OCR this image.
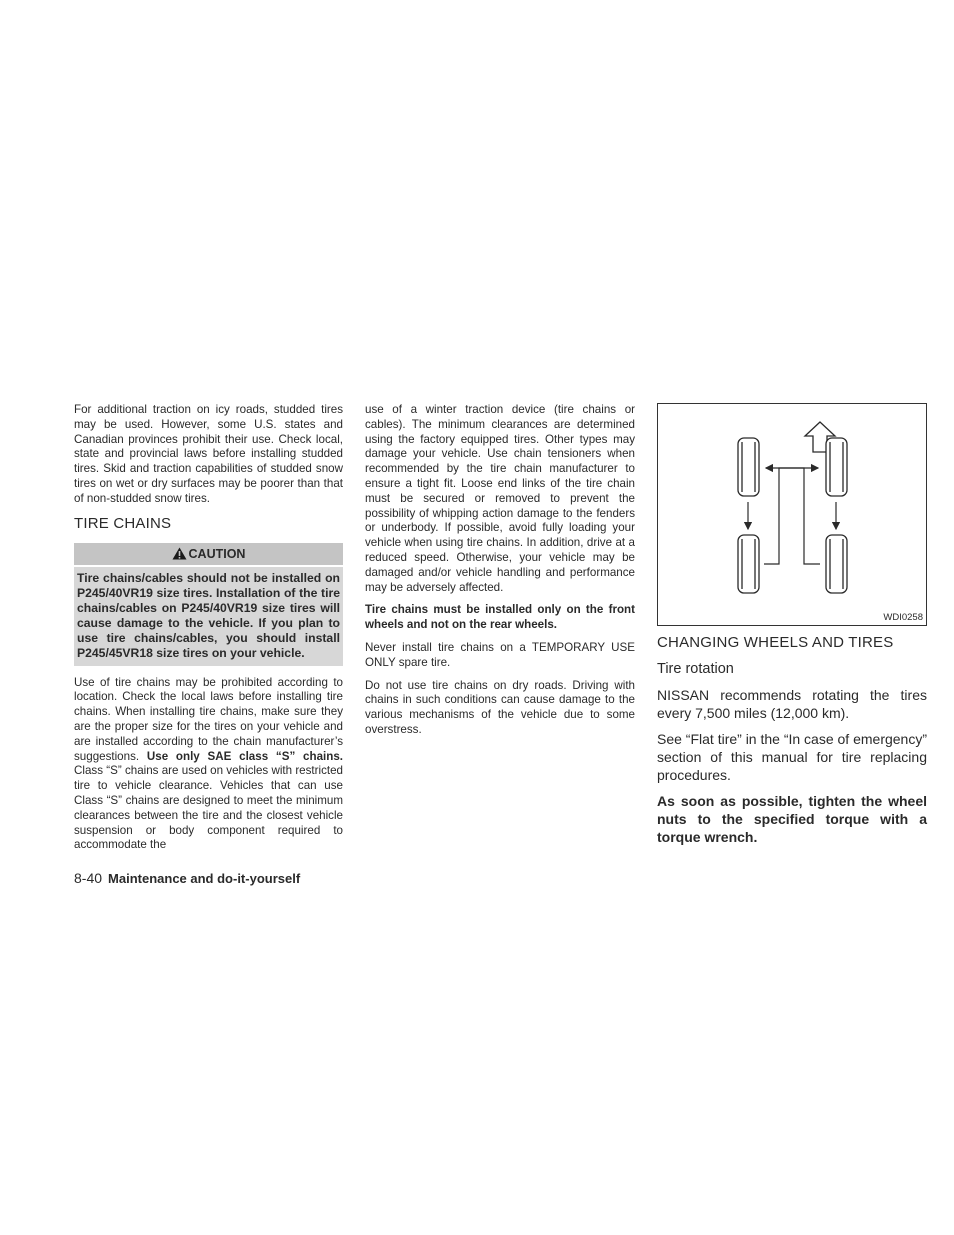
For additional traction on icy roads, studded tires may be used. However, some U.S. states and Canadian provinces prohibit their use. Check local, state and provincial laws before installing studded tires. Skid and traction capabilities of studded snow tires on wet or dry surfaces may be poorer than that of non-studded snow tires.

TIRE CHAINS
CAUTION
Tire chains/cables should not be installed on P245/40VR19 size tires. Installation of the tire chains/cables on P245/40VR19 size tires will cause damage to the vehicle. If you plan to use tire chains/cables, you should install P245/45VR18 size tires on your vehicle.

Use of tire chains may be prohibited according to location. Check the local laws before installing tire chains. When installing tire chains, make sure they are the proper size for the tires on your vehicle and are installed according to the chain manufacturer’s suggestions. Use only SAE class “S” chains. Class “S” chains are used on vehicles with restricted tire to vehicle clearance. Vehicles that can use Class “S” chains are designed to meet the minimum clearances between the tire and the closest vehicle suspension or body component required to accommodate the

use of a winter traction device (tire chains or cables). The minimum clearances are determined using the factory equipped tires. Other types may damage your vehicle. Use chain tensioners when recommended by the tire chain manufacturer to ensure a tight fit. Loose end links of the tire chain must be secured or removed to prevent the possibility of whipping action damage to the fenders or underbody. If possible, avoid fully loading your vehicle when using tire chains. In addition, drive at a reduced speed. Otherwise, your vehicle may be damaged and/or vehicle handling and performance may be adversely affected.

Tire chains must be installed only on the front wheels and not on the rear wheels.

Never install tire chains on a TEMPORARY USE ONLY spare tire.

Do not use tire chains on dry roads. Driving with chains in such conditions can cause damage to the various mechanisms of the vehicle due to some overstress.

WDI0258
CHANGING WHEELS AND TIRES
Tire rotation

NISSAN recommends rotating the tires every 7,500 miles (12,000 km).

See “Flat tire” in the “In case of emergency” section of this manual for tire replacing procedures.

As soon as possible, tighten the wheel nuts to the specified torque with a torque wrench.

8-40 Maintenance and do-it-yourself
